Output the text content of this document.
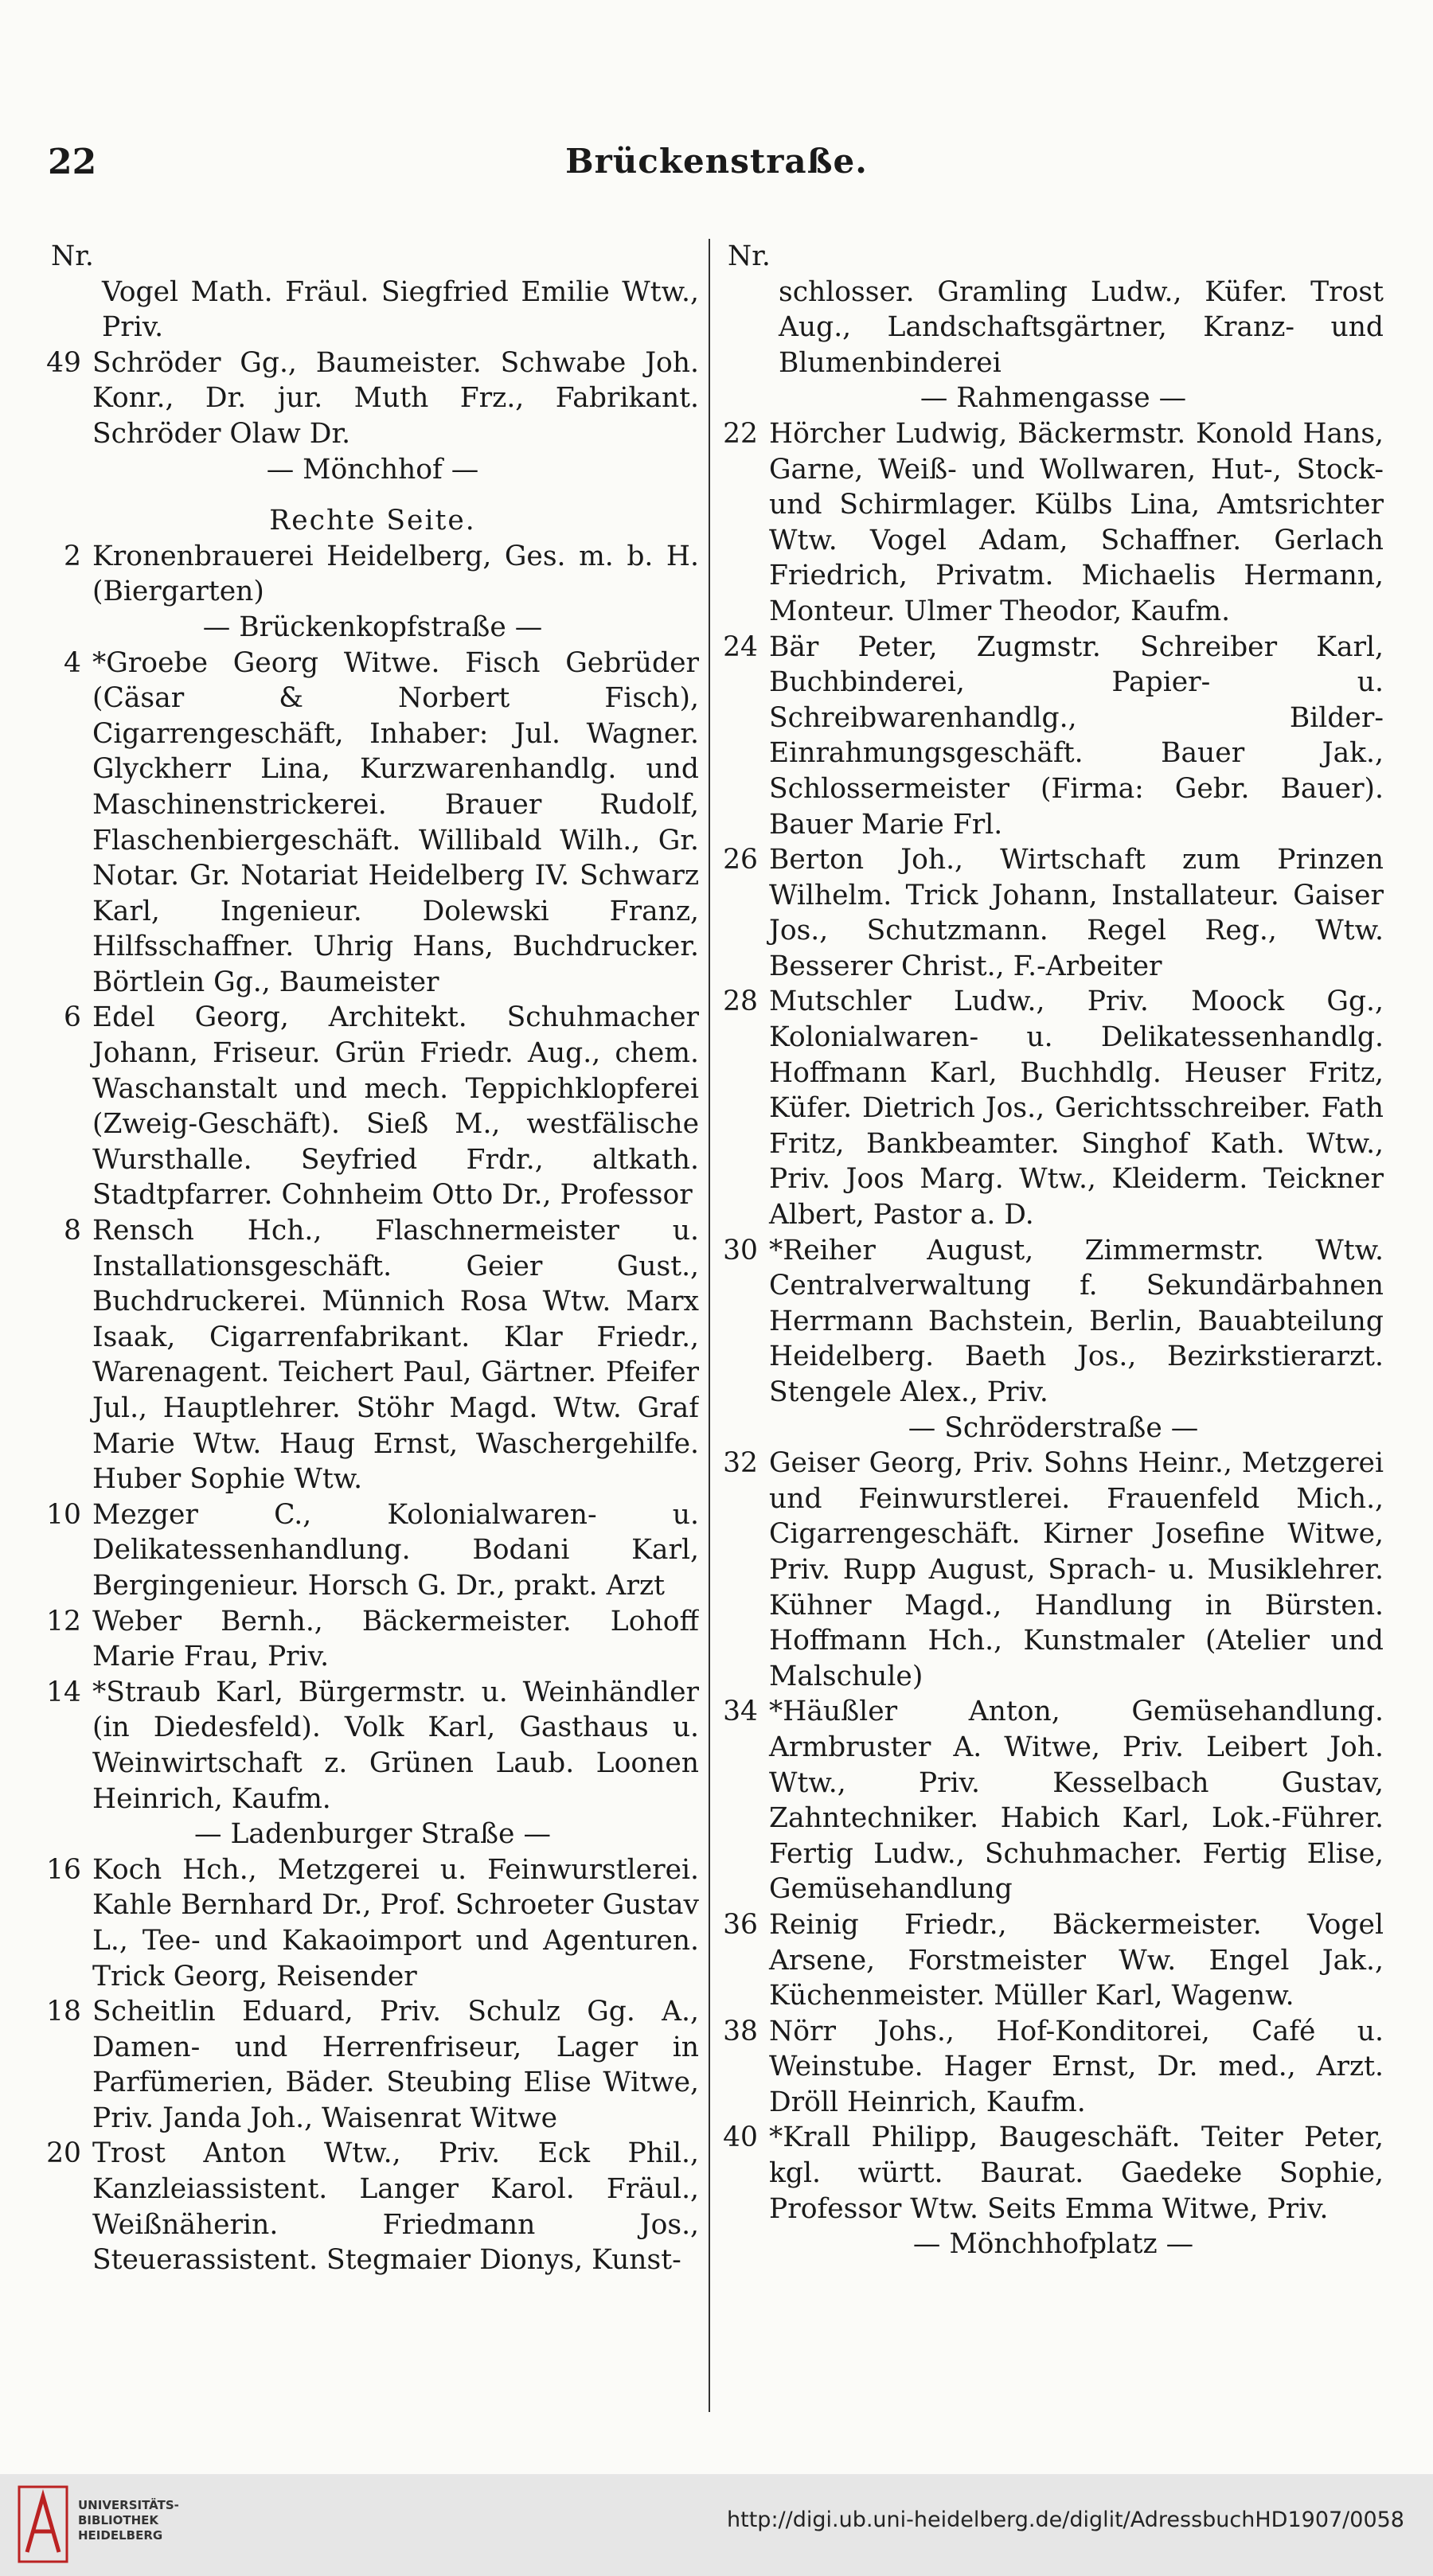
22	Brückenstraße.
Nr.
Vogel Math. Fräul. Siegfried Emilie Wtw., Priv.
49 Schröder Gg., Baumeister. Schwabe Joh. Konr., Dr. jur. Muth Frz., Fabrikant. Schröder Olaw Dr.
— Mönchhof —
Rechte Seite.
2 Kronenbrauerei Heidelberg, Ges. m. b. H. (Biergarten)
— Brückenkopfstraße —
4 *Groebe Georg Witwe. Fisch Gebrüder (Cäsar & Norbert Fisch), Cigarrengeschäft, Inhaber: Jul. Wagner. Glyckherr Lina, Kurzwarenhandlg. und Maschinenstrickerei. Brauer Rudolf, Flaschenbiergeschäft. Willibald Wilh., Gr. Notar. Gr. Notariat Heidelberg IV. Schwarz Karl, Ingenieur. Dolewski Franz, Hilfsschaffner. Uhrig Hans, Buchdrucker. Börtlein Gg., Baumeister
6 Edel Georg, Architekt. Schuhmacher Johann, Friseur. Grün Friedr. Aug., chem. Waschanstalt und mech. Teppichklopferei (Zweig-Geschäft). Sieß M., westfälische Wursthalle. Seyfried Frdr., altkath. Stadtpfarrer. Cohnheim Otto Dr., Professor
8 Rensch Hch., Flaschnermeister u. Installationsgeschäft. Geier Gust., Buchdruckerei. Münnich Rosa Wtw. Marx Isaak, Cigarrenfabrikant. Klar Friedr., Warenagent. Teichert Paul, Gärtner. Pfeifer Jul., Hauptlehrer. Stöhr Magd. Wtw. Graf Marie Wtw. Haug Ernst, Waschergehilfe. Huber Sophie Wtw.
10 Mezger C., Kolonialwaren- u. Delikatessenhandlung. Bodani Karl, Bergingenieur. Horsch G. Dr., prakt. Arzt
12 Weber Bernh., Bäckermeister. Lohoff Marie Frau, Priv.
14 *Straub Karl, Bürgermstr. u. Weinhändler (in Diedesfeld). Volk Karl, Gasthaus u. Weinwirtschaft z. Grünen Laub. Loonen Heinrich, Kaufm.
— Ladenburger Straße —
16 Koch Hch., Metzgerei u. Feinwurstlerei. Kahle Bernhard Dr., Prof. Schroeter Gustav L., Tee- und Kakaoimport und Agenturen. Trick Georg, Reisender
18 Scheitlin Eduard, Priv. Schulz Gg. A., Damen- und Herrenfriseur, Lager in Parfümerien, Bäder. Steubing Elise Witwe, Priv. Janda Joh., Waisenrat Witwe
20 Trost Anton Wtw., Priv. Eck Phil., Kanzleiassistent. Langer Karol. Fräul., Weißnäherin. Friedmann Jos., Steuerassistent. Stegmaier Dionys, Kunst-
Nr.
schlosser. Gramling Ludw., Küfer. Trost Aug., Landschaftsgärtner, Kranz- und Blumenbinderei
— Rahmengasse —
22 Hörcher Ludwig, Bäckermstr. Konold Hans, Garne, Weiß- und Wollwaren, Hut-, Stock- und Schirmlager. Külbs Lina, Amtsrichter Wtw. Vogel Adam, Schaffner. Gerlach Friedrich, Privatm. Michaelis Hermann, Monteur. Ulmer Theodor, Kaufm.
24 Bär Peter, Zugmstr. Schreiber Karl, Buchbinderei, Papier- u. Schreibwarenhandlg., Bilder-Einrahmungsgeschäft. Bauer Jak., Schlossermeister (Firma: Gebr. Bauer). Bauer Marie Frl.
26 Berton Joh., Wirtschaft zum Prinzen Wilhelm. Trick Johann, Installateur. Gaiser Jos., Schutzmann. Regel Reg., Wtw. Besserer Christ., F.-Arbeiter
28 Mutschler Ludw., Priv. Moock Gg., Kolonialwaren- u. Delikatessenhandlg. Hoffmann Karl, Buchhdlg. Heuser Fritz, Küfer. Dietrich Jos., Gerichtsschreiber. Fath Fritz, Bankbeamter. Singhof Kath. Wtw., Priv. Joos Marg. Wtw., Kleiderm. Teickner Albert, Pastor a. D.
30 *Reiher August, Zimmermstr. Wtw. Centralverwaltung f. Sekundärbahnen Herrmann Bachstein, Berlin, Bauabteilung Heidelberg. Baeth Jos., Bezirkstierarzt. Stengele Alex., Priv.
— Schröderstraße —
32 Geiser Georg, Priv. Sohns Heinr., Metzgerei und Feinwurstlerei. Frauenfeld Mich., Cigarrengeschäft. Kirner Josefine Witwe, Priv. Rupp August, Sprach- u. Musiklehrer. Kühner Magd., Handlung in Bürsten. Hoffmann Hch., Kunstmaler (Atelier und Malschule)
34 *Häußler Anton, Gemüsehandlung. Armbruster A. Witwe, Priv. Leibert Joh. Wtw., Priv. Kesselbach Gustav, Zahntechniker. Habich Karl, Lok.-Führer. Fertig Ludw., Schuhmacher. Fertig Elise, Gemüsehandlung
36 Reinig Friedr., Bäckermeister. Vogel Arsene, Forstmeister Ww. Engel Jak., Küchenmeister. Müller Karl, Wagenw.
38 Nörr Johs., Hof-Konditorei, Café u. Weinstube. Hager Ernst, Dr. med., Arzt. Dröll Heinrich, Kaufm.
40 *Krall Philipp, Baugeschäft. Teiter Peter, kgl. württ. Baurat. Gaedeke Sophie, Professor Wtw. Seits Emma Witwe, Priv.
— Mönchhofplatz —
UNIVERSITÄTS-
BIBLIOTHEK
HEIDELBERG
http://digi.ub.uni-heidelberg.de/diglit/AdressbuchHD1907/0058
